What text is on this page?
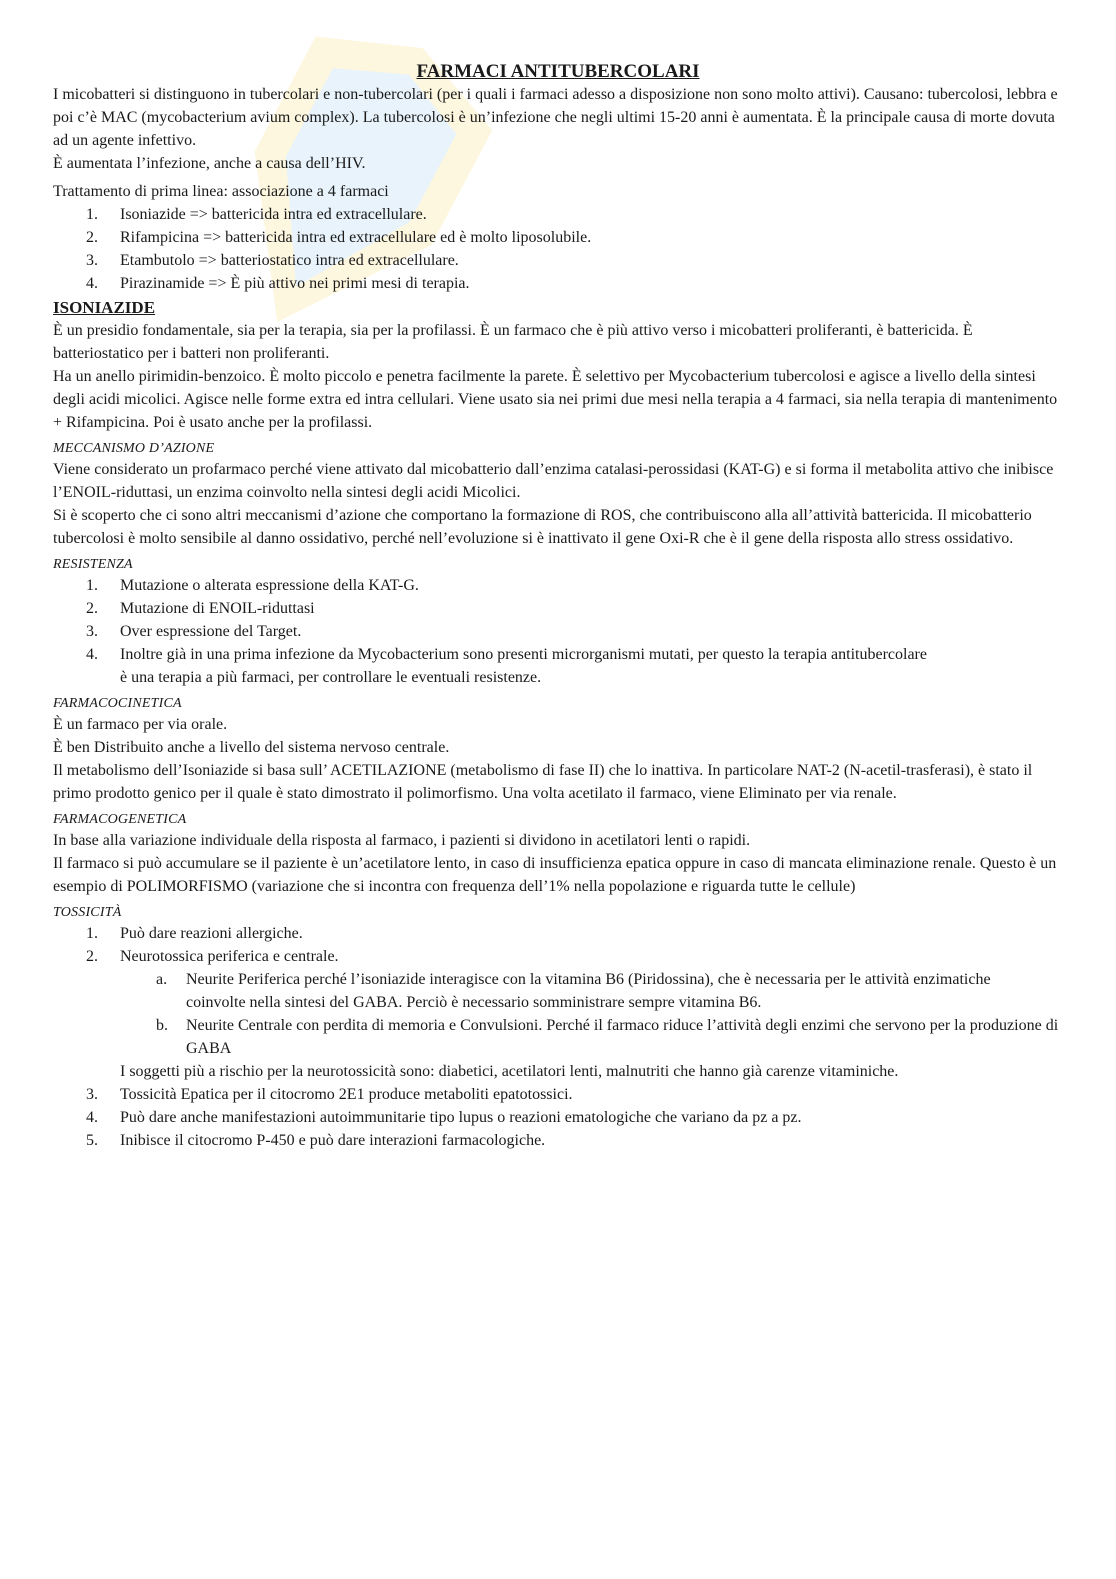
FARMACI ANTITUBERCOLARI

I micobatteri si distinguono in tubercolari e non-tubercolari (per i quali i farmaci adesso a disposizione non sono molto attivi). Causano: tubercolosi, lebbra e poi c’è MAC (mycobacterium avium complex). La tubercolosi è un’infezione che negli ultimi 15-20 anni è aumentata. È la principale causa di morte dovuta ad un agente infettivo.

È aumentata l’infezione, anche a causa dell’HIV.

Trattamento di prima linea: associazione a 4 farmaci

1. Isoniazide => battericida intra ed extracellulare.
2. Rifampicina => battericida intra ed extracellulare ed è molto liposolubile.
3. Etambutolo => batteriostatico intra ed extracellulare.
4. Pirazinamide => È più attivo nei primi mesi di terapia.

ISONIAZIDE

È un presidio fondamentale, sia per la terapia, sia per la profilassi. È un farmaco che è più attivo verso i micobatteri proliferanti, è battericida. È batteriostatico per i batteri non proliferanti.

Ha un anello pirimidin-benzoico. È molto piccolo e penetra facilmente la parete. È selettivo per Mycobacterium tubercolosi e agisce a livello della sintesi degli acidi micolici. Agisce nelle forme extra ed intra cellulari. Viene usato sia nei primi due mesi nella terapia a 4 farmaci, sia nella terapia di mantenimento + Rifampicina. Poi è usato anche per la profilassi.

MECCANISMO D’AZIONE

Viene considerato un profarmaco perché viene attivato dal micobatterio dall’enzima catalasi-perossidasi (KAT-G) e si forma il metabolita attivo che inibisce l’ENOIL-riduttasi, un enzima coinvolto nella sintesi degli acidi Micolici.

Si è scoperto che ci sono altri meccanismi d’azione che comportano la formazione di ROS, che contribuiscono alla all’attività battericida. Il micobatterio tubercolosi è molto sensibile al danno ossidativo, perché nell’evoluzione si è inattivato il gene Oxi-R che è il gene della risposta allo stress ossidativo.

RESISTENZA

1. Mutazione o alterata espressione della KAT-G.
2. Mutazione di ENOIL-riduttasi
3. Over espressione del Target.
4. Inoltre già in una prima infezione da Mycobacterium sono presenti microrganismi mutati, per questo la terapia antitubercolare è una terapia a più farmaci, per controllare le eventuali resistenze.

FARMACOCINETICA

È un farmaco per via orale.

È ben Distribuito anche a livello del sistema nervoso centrale.

Il metabolismo dell’Isoniazide si basa sull’ ACETILAZIONE (metabolismo di fase II) che lo inattiva. In particolare NAT-2 (N-acetil-trasferasi), è stato il primo prodotto genico per il quale è stato dimostrato il polimorfismo. Una volta acetilato il farmaco, viene Eliminato per via renale.

FARMACOGENETICA

In base alla variazione individuale della risposta al farmaco, i pazienti si dividono in acetilatori lenti o rapidi.

Il farmaco si può accumulare se il paziente è un’acetilatore lento, in caso di insufficienza epatica oppure in caso di mancata eliminazione renale. Questo è un esempio di POLIMORFISMO (variazione che si incontra con frequenza dell’1% nella popolazione e riguarda tutte le cellule)

TOSSICITÀ

1. Può dare reazioni allergiche.
2. Neurotossica periferica e centrale.
a. Neurite Periferica perché l’isoniazide interagisce con la vitamina B6 (Piridossina), che è necessaria per le attività enzimatiche coinvolte nella sintesi del GABA. Perciò è necessario somministrare sempre vitamina B6.
b. Neurite Centrale con perdita di memoria e Convulsioni. Perché il farmaco riduce l’attività degli enzimi che servono per la produzione di GABA

I soggetti più a rischio per la neurotossicità sono: diabetici, acetilatori lenti, malnutriti che hanno già carenze vitaminiche.

3. Tossicità Epatica per il citocromo 2E1 produce metaboliti epatotossici.
4. Può dare anche manifestazioni autoimmunitarie tipo lupus o reazioni ematologiche che variano da pz a pz.
5. Inibisce il citocromo P-450 e può dare interazioni farmacologiche.
